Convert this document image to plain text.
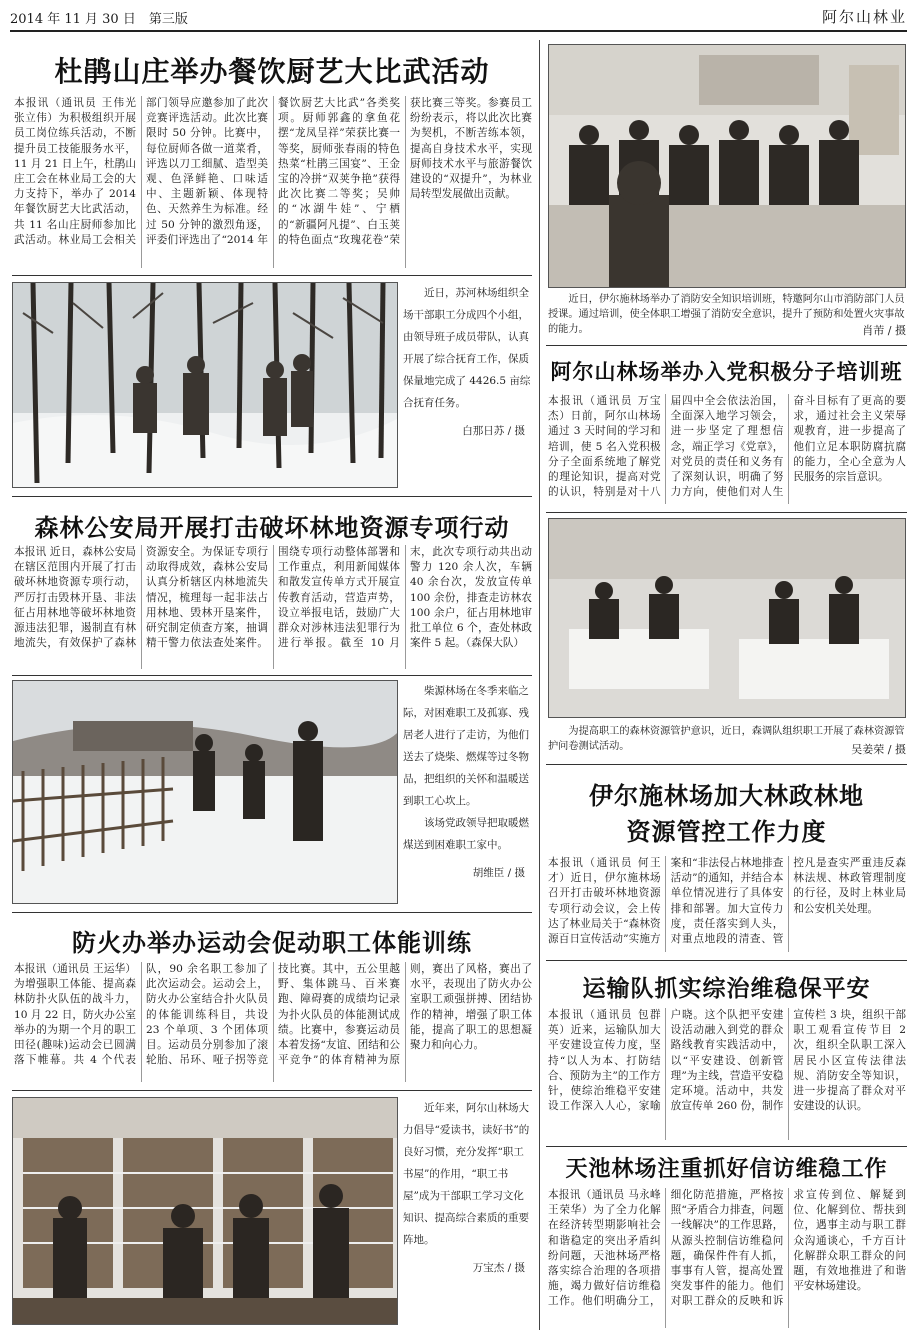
2014 年 11 月 30 日　第三版	阿尔山林业
杜鹃山庄举办餐饮厨艺大比武活动
本报讯（通讯员 王伟光 张立伟）为积极组织开展员工岗位练兵活动，不断提升员工技能服务水平，11 月 21 日上午，杜鹃山庄工会在林业局工会的大力支持下，举办了 2014 年餐饮厨艺大比武活动，共 11 名山庄厨师参加比武活动。林业局工会相关部门领导应邀参加了此次竞赛评选活动。此次比赛限时 50 分钟。比赛中，每位厨师各做一道菜肴，评选以刀工细腻、造型美观、色泽鲜艳、口味适中、主题新颖、体现特色、天然养生为标准。经过 50 分钟的激烈角逐，评委们评选出了“2014 年餐饮厨艺大比武”各类奖项。厨师郭鑫的拿鱼花摆“龙凤呈祥”荣获比赛一等奖，厨师张春雨的特色热菜“杜鹃三国宴”、王金宝的冷拼“双荚争艳”获得此次比赛二等奖；吴帅的“冰湖牛娃”、宁栖的“新疆阿凡提”、白玉荚的特色面点“玫瑰花卷”荣获比赛三等奖。参赛员工纷纷表示，将以此次比赛为契机，不断苦练本领，提高自身技术水平，实现厨师技术水平与旅游餐饮建设的“双提升”，为林业局转型发展做出贡献。
近日，苏河林场组织全场干部职工分成四个小组，由领导班子成员带队，认真开展了综合抚育工作，保质保量地完成了 4426.5 亩综合抚育任务。
白那日苏 / 摄
森林公安局开展打击破坏林地资源专项行动
本报讯 近日，森林公安局在辖区范围内开展了打击破坏林地资源专项行动，严厉打击毁林开垦、非法征占用林地等破坏林地资源违法犯罪，遏制直有林地流失，有效保护了森林资源安全。为保证专项行动取得成效，森林公安局认真分析辖区内林地流失情况，梳理每一起非法占用林地、毁林开垦案件，研究制定侦查方案，抽调精干警力依法查处案件。围绕专项行动整体部署和工作重点，利用新闻媒体和散发宣传单方式开展宣传教育活动，营造声势，设立举报电话，鼓励广大群众对涉林违法犯罪行为进行举报。截至 10 月末，此次专项行动共出动警力 120 余人次，车辆 40 余台次，发放宣传单 100 余份，排查走访林农 100 余户，征占用林地审批工单位 6 个，查处林政案件 5 起。（森保大队）
柴源林场在冬季来临之际，对困难职工及孤寡、残居老人进行了走访，为他们送去了烧柴、燃煤等过冬物品，把组织的关怀和温暖送到职工心坎上。
该场党政领导把取暖燃煤送到困难职工家中。
胡维臣 / 摄
防火办举办运动会促动职工体能训练
本报讯（通讯员 王运华）为增强职工体能、提高森林防扑火队伍的战斗力，10 月 22 日，防火办公室举办的为期一个月的职工田径(趣味)运动会已圆满落下帷幕。共 4 个代表队，90 余名职工参加了此次运动会。运动会上，防火办公室结合扑火队员的体能训练科目，共设 23 个单项、3 个团体项目。运动员分别参加了滚轮胎、吊环、哑子拐等竞技比赛。其中，五公里越野、集体跳马、百米赛跑、障碍赛的成绩均记录为扑火队员的体能测试成绩。比赛中，参赛运动员本着发扬“友谊、团结和公平竞争”的体育精神为原则，赛出了风格，赛出了水平，表现出了防火办公室职工顽强拼搏、团结协作的精神，增强了职工体能，提高了职工的思想凝聚力和向心力。
近年来，阿尔山林场大力倡导“爱读书，读好书”的良好习惯，充分发挥“职工书屋”的作用，“职工书屋”成为干部职工学习文化知识、提高综合素质的重要阵地。
万宝杰 / 摄
近日，伊尔施林场举办了消防安全知识培训班，特邀阿尔山市消防部门人员授课。通过培训，使全体职工增强了消防安全意识，提升了预防和处置火灾事故的能力。	肖芾 / 摄
阿尔山林场举办入党积极分子培训班
本报讯（通讯员 万宝杰）日前，阿尔山林场通过 3 天时间的学习和培训，使 5 名入党积极分子全面系统地了解党的理论知识，提高对党的认识，特别是对十八届四中全会依法治国，全面深入地学习领会，进一步坚定了理想信念，端正学习《党章》，对党员的责任和义务有了深刻认识，明确了努力方向，使他们对人生奋斗目标有了更高的要求，通过社会主义荣辱观教育，进一步提高了他们立足本职防腐抗腐的能力，全心全意为人民服务的宗旨意识。
为提高职工的森林资源管护意识，近日，森调队组织职工开展了森林资源管护问卷测试活动。	吴姜荣 / 摄
伊尔施林场加大林政林地
资源管控工作力度
本报讯（通讯员 何王才）近日，伊尔施林场召开打击破坏林地资源专项行动会议，会上传达了林业局关于“森林资源百日宣传活动”实施方案和“非法侵占林地排查活动”的通知，并结合本单位情况进行了具体安排和部署。加大宣传力度，责任落实到人头，对重点地段的清查、管控凡是查实严重违反森林法规、林政管理制度的行径，及时上林业局和公安机关处理。
运输队抓实综治维稳保平安
本报讯（通讯员 包群英）近来，运输队加大平安建设宣传力度，坚持“以人为本、打防结合、预防为主”的工作方针，使综治维稳平安建设工作深入人心，家喻户晓。这个队把平安建设活动融入到党的群众路线教育实践活动中，以“平安建设、创新管理”为主线，营造平安稳定环境。活动中，共发放宣传单 260 份，制作宣传栏 3 块，组织干部职工观看宣传节目 2 次，组织全队职工深入居民小区宣传法律法规、消防安全等知识，进一步提高了群众对平安建设的认识。
天池林场注重抓好信访维稳工作
本报讯（通讯员 马永峰 王荣华）为了全力化解在经济转型期影响社会和谐稳定的突出矛盾纠纷问题，天池林场严格落实综合治理的各项措施，竭力做好信访维稳工作。他们明确分工，细化防范措施，严格按照“矛盾合力排查，问题一线解决”的工作思路，从源头控制信访维稳问题，确保件件有人抓，事事有人管，提高处置突发事件的能力。他们对职工群众的反映和诉求宣传到位、解疑到位、化解到位、帮扶到位，遇事主动与职工群众沟通谈心，千方百计化解群众职工群众的问题，有效地推进了和谐平安林场建设。
